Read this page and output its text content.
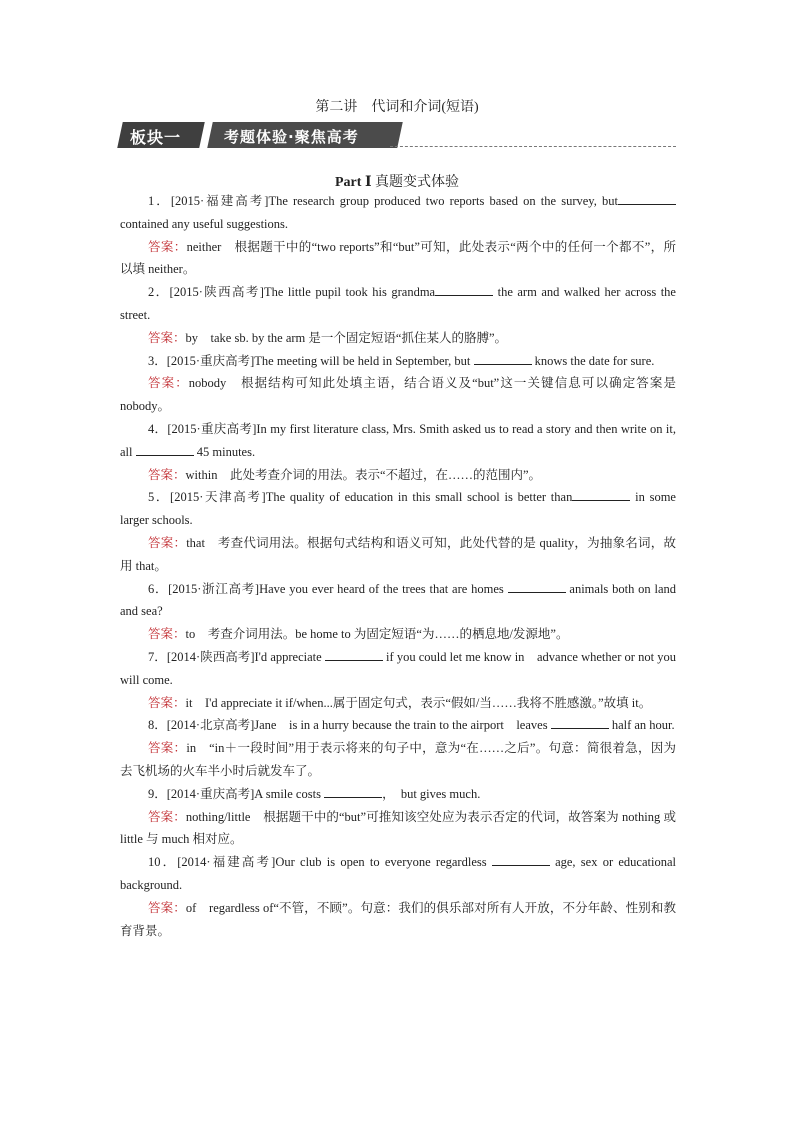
第二讲　代词和介词(短语)
板块一	考题体验·聚焦高考
Part Ⅰ 真题变式体验

1．[2015·福建高考]The research group produced two reports based on the survey, but contained any useful suggestions.

答案：neither　根据题干中的“two reports”和“but”可知，此处表示“两个中的任何一个都不”，所以填 neither。

2．[2015·陕西高考]The little pupil took his grandma	the arm and walked her across the street.

答案：by　take sb. by the arm 是一个固定短语“抓住某人的胳膊”。

3．[2015·重庆高考]The meeting will be held in September, but	knows the date for sure.

答案：nobody　根据结构可知此处填主语，结合语义及“but”这一关键信息可以确定答案是 nobody。

4．[2015·重庆高考]In my first literature class, Mrs. Smith asked us to read a story and then write on it, all	45 minutes.

答案：within　此处考查介词的用法。表示“不超过，在……的范围内”。

5．[2015·天津高考]The quality of education in this small school is better than	in some larger schools.

答案：that　考查代词用法。根据句式结构和语义可知，此处代替的是 quality，为抽象名词，故用 that。

6．[2015·浙江高考]Have you ever heard of the trees that are homes	animals both on land and sea?

答案：to　考查介词用法。be home to 为固定短语“为……的栖息地/发源地”。

7．[2014·陕西高考]I'd appreciate	if you could let me know in　advance whether or not you will come.

答案：it　I'd appreciate it if/when...属于固定句式，表示“假如/当……我将不胜感激。”故填 it。

8．[2014·北京高考]Jane　is in a hurry because the train to the airport　leaves	half an hour.

答案：in　“in＋一段时间”用于表示将来的句子中，意为“在……之后”。句意：简很着急，因为去飞机场的火车半小时后就发车了。

9．[2014·重庆高考]A smile costs	，　but gives much.

答案：nothing/little　根据题干中的“but”可推知该空处应为表示否定的代词，故答案为 nothing 或 little 与 much 相对应。

10．[2014·福建高考]Our club is open to everyone regardless	age, sex or educational background.

答案：of　regardless of“不管，不顾”。句意：我们的俱乐部对所有人开放，不分年龄、性别和教育背景。
